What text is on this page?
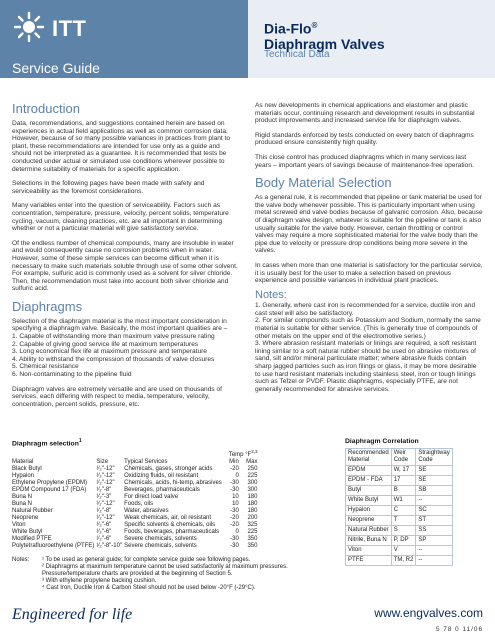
ITT
Service Guide
Dia-Flo®
Diaphragm Valves
Technical Data
Introduction

Data, recommendations, and suggestions contained herein are based on experiences in actual field applications as well as common corrosion data. However, because of so many possible variances in practices from plant to plant, these recommendations are intended for use only as a guide and should not be interpreted as a guarantee. It is recommended that tests be conducted under actual or simulated use conditions wherever possible to determine suitability of materials for a specific application.

Selections in the following pages have been made with safety and serviceability as the foremost considerations.

Many variables enter into the question of serviceability. Factors such as concentration, temperature, pressure, velocity, percent solids, temperature cycling, vacuum, cleaning practices, etc. are all important in determining whether or not a particular material will give satisfactory service.

Of the endless number of chemical compounds, many are insoluble in water and would consequently cause no corrosion problems when in water. However, some of these simple services can become difficult when it is necessary to make such materials soluble through use of some other solvent. For example, sulfuric acid is commonly used as a solvent for silver chloride. Then, the recommendation must take into account both silver chloride and sulfuric acid.

Diaphragms

Selection of the diaphragm material is the most important consideration in specifying a diaphragm valve. Basically, the most important qualities are –

1. Capable of withstanding more than maximum valve pressure rating
2. Capable of giving good service life at maximum temperatures
3. Long economical flex life at maximum pressure and temperature
4. Ability to withstand the compression of thousands of valve closures
5. Chemical resistance
6. Non-contaminating to the pipeline fluid

Diaphragm valves are extremely versatile and are used on thousands of services, each differing with respect to media, temperature, velocity, concentration, percent solids, pressure, etc.

As new developments in chemical applications and elastomer and plastic materials occur, continuing research and development results in substantial product improvements and increased service life for diaphragm valves.

Rigid standards enforced by tests conducted on every batch of diaphragms produced ensure consistently high quality.

This close control has produced diaphragms which in many services last years – important years of savings because of maintenance-free operation.

Body Material Selection

As a general rule, it is recommended that pipeline or tank material be used for the valve body whenever possible. This is particularly important when using metal screwed end valve bodies because of galvanic corrosion. Also, because of diaphragm valve design, whatever is suitable for the pipeline or tank is also usually suitable for the valve body. However, certain throttling or control valves may require a more sophisticated material for the valve body than the pipe due to velocity or pressure drop conditions being more severe in the valves.

In cases when more than one material is satisfactory for the particular service, it is usually best for the user to make a selection based on previous experience and possible variances in individual plant practices.

Notes:
1. Generally, where cast iron is recommended for a service, ductile iron and cast steel will also be satisfactory.
2. For similar compounds such as Potassium and Sodium, normally the same material is suitable for either service. (This is generally true of compounds of other metals on the upper end of the electromotive series.)
3. Where abrasion resistant materials or linings are required, a soft resistant lining similar to a soft natural rubber should be used on abrasive mixtures of sand, silt and/or mineral particulate matter; where abrasive fluids contain sharp jagged particles such as iron filings or glass, it may be more desirable to use hard resistant materials including stainless steel, iron or tough linings such as Tefzel or PVDF. Plastic diaphragms, especially PTFE, are not generally recommended for abrasive services.
Diaphragm selection$^1$
			Temp $^\circ F^{2,3}$
Material	Size	Typical Services	Min	Max
Black Butyl	¹⁄₂"-12"	Chemicals, gases, stronger acids	-20	250
Hypalon	¹⁄₂"-12"	Oxidizing fluids, oil resistant	0	225
Ethylene Propylene (EPDM)	¹⁄₂"-12"	Chemicals, acids, hi-temp, abrasives	-30	300
EPDM Compound 17 (FDA)	¹⁄₂"-8"	Beverages, pharmaceuticals	-30	300
Buna N	¹⁄₂"-3"	For direct load valve	10	180
Buna N	¹⁄₂"-12"	Foods, oils	10	180
Natural Rubber	¹⁄₂"-8"	Water, abrasives	-30	180
Neoprene	¹⁄₂"-12"	Weak chemicals, air, oil resistant	-20	200
Viton	¹⁄₂"-6"	Specific solvents & chemicals, oils	-20	325
White Butyl	¹⁄₂"-6"	Foods, beverages, pharmaceuticals	0	225
Modified PTFE	¹⁄₂"-6"	Severe chemicals, solvents	-30	350
Polytetrafluoroethylene (PTFE)	¹⁄₂"-8"-10"	Severe chemicals, solvents	-30	350
Notes: ¹ To be used as general guide; for complete service guide see following pages.
² Diaphragms at maximum temperature cannot be used satisfactorily at maximum pressures. Pressure/temperature charts are provided at the beginning of Section 5.
³ With ethylene propylene backing cushion.
⁴ Cast Iron, Ductile Iron & Carbon Steel should not be used below -20°F (-29°C).
Diaphragm Correlation
Recommended
Material	Weir
Code	Straightway
Code
EPDM	W, 17	SE
EPDM - FDA	17	SE
Butyl	B	SB
White Butyl	W1	--
Hypalon	C	SC
Neoprene	T	ST
Natural Rubber	S	SS
Nitrile, Buna N	P, DP	SP
Viton	V	--
PTFE	TM, R2	--
Engineered for life	www.engvalves.com
5 78 0 11/06
